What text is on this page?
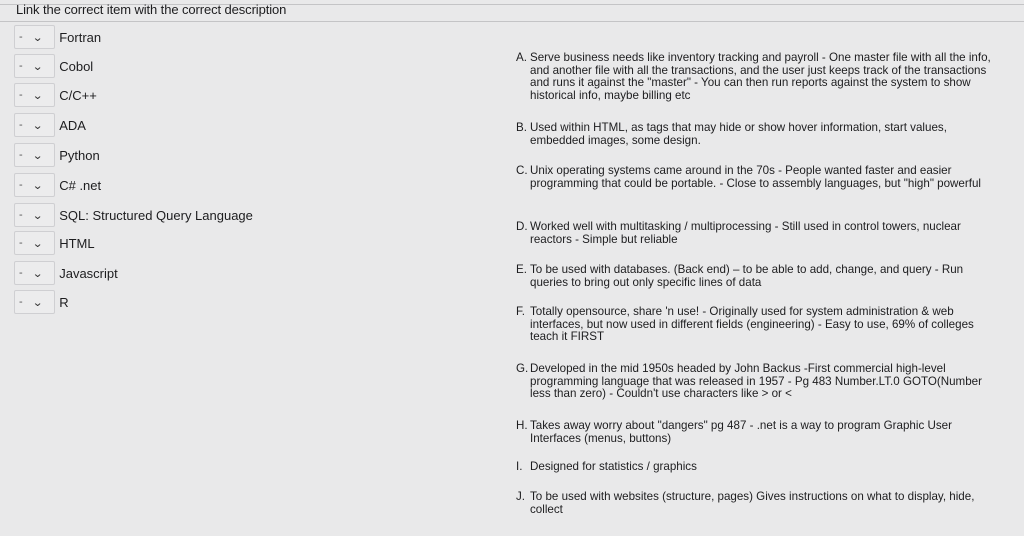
Link the correct item with the correct description
- ⌄ Fortran
- ⌄ Cobol
- ⌄ C/C++
- ⌄ ADA
- ⌄ Python
- ⌄ C# .net
- ⌄ SQL: Structured Query Language
- ⌄ HTML
- ⌄ Javascript
- ⌄ R
A. Serve business needs like inventory tracking and payroll - One master file with all the info, and another file with all the transactions, and the user just keeps track of the transactions and runs it against the "master" - You can then run reports against the system to show historical info, maybe billing etc
B. Used within HTML, as tags that may hide or show hover information, start values, embedded images, some design.
C. Unix operating systems came around in the 70s - People wanted faster and easier programming that could be portable. - Close to assembly languages, but "high" powerful
D. Worked well with multitasking / multiprocessing - Still used in control towers, nuclear reactors - Simple but reliable
E. To be used with databases. (Back end) – to be able to add, change, and query - Run queries to bring out only specific lines of data
F. Totally opensource, share 'n use! - Originally used for system administration & web interfaces, but now used in different fields (engineering) - Easy to use, 69% of colleges teach it FIRST
G. Developed in the mid 1950s headed by John Backus -First commercial high-level programming language that was released in 1957 - Pg 483 Number.LT.0 GOTO(Number less than zero) - Couldn't use characters like > or <
H. Takes away worry about "dangers" pg 487 - .net is a way to program Graphic User Interfaces (menus, buttons)
I. Designed for statistics / graphics
J. To be used with websites (structure, pages) Gives instructions on what to display, hide, collect
